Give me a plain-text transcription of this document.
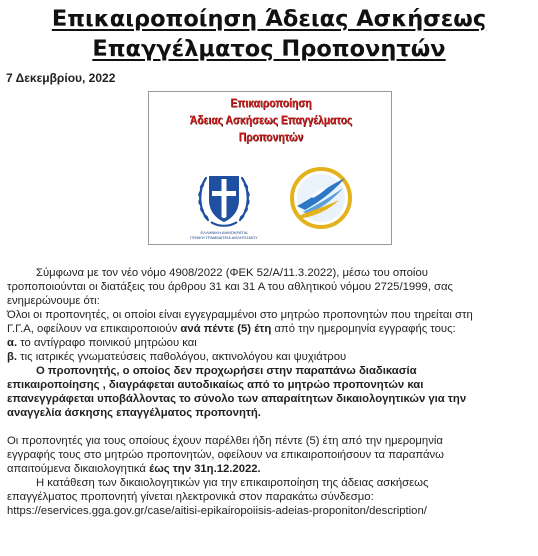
Επικαιροποίηση Άδειας Ασκήσεως
Επαγγέλματος Προπονητών

7 Δεκεμβρίου, 2022

Επικαιροποίηση
Άδειας Ασκήσεως Επαγγέλματος
Προπονητών
ΕΛΛΗΝΙΚΗ ΔΗΜΟΚΡΑΤΙΑ
ΓΕΝΙΚΗ ΓΡΑΜΜΑΤΕΙΑ ΑΘΛΗΤΙΣΜΟΥ

Σύμφωνα με τον νέο νόμο 4908/2022 (ΦΕΚ 52/Α/11.3.2022), μέσω του οποίου

τροποποιούνται οι διατάξεις του άρθρου 31 και 31 Α του αθλητικού νόμου 2725/1999, σας

ενημερώνουμε ότι:

Όλοι οι προπονητές, οι οποίοι είναι εγγεγραμμένοι στο μητρώο προπονητών που τηρείται στη

Γ.Γ.Α, οφείλουν να επικαιροποιούν ανά πέντε (5) έτη από την ημερομηνία εγγραφής τους:

α. το αντίγραφο ποινικού μητρώου και

β. τις ιατρικές γνωματεύσεις παθολόγου, ακτινολόγου και ψυχιάτρου

Ο προπονητής, ο οποίος δεν προχωρήσει στην παραπάνω διαδικασία

επικαιροποίησης , διαγράφεται αυτοδικαίως από το μητρώο προπονητών και

επανεγγράφεται υποβάλλοντας το σύνολο των απαραίτητων δικαιολογητικών για την

αναγγελία άσκησης επαγγέλματος προπονητή.

Οι προπονητές για τους οποίους έχουν παρέλθει ήδη πέντε (5) έτη από την ημερομηνία

εγγραφής τους στο μητρώο προπονητών, οφείλουν να επικαιροποιήσουν τα παραπάνω

απαιτούμενα δικαιολογητικά έως την 31η.12.2022.

Η κατάθεση των δικαιολογητικών για την επικαιροποίηση της άδειας ασκήσεως

επαγγέλματος προπονητή γίνεται ηλεκτρονικά στον παρακάτω σύνδεσμο:

https://eservices.gga.gov.gr/case/aitisi-epikairopoiisis-adeias-proponiton/description/
